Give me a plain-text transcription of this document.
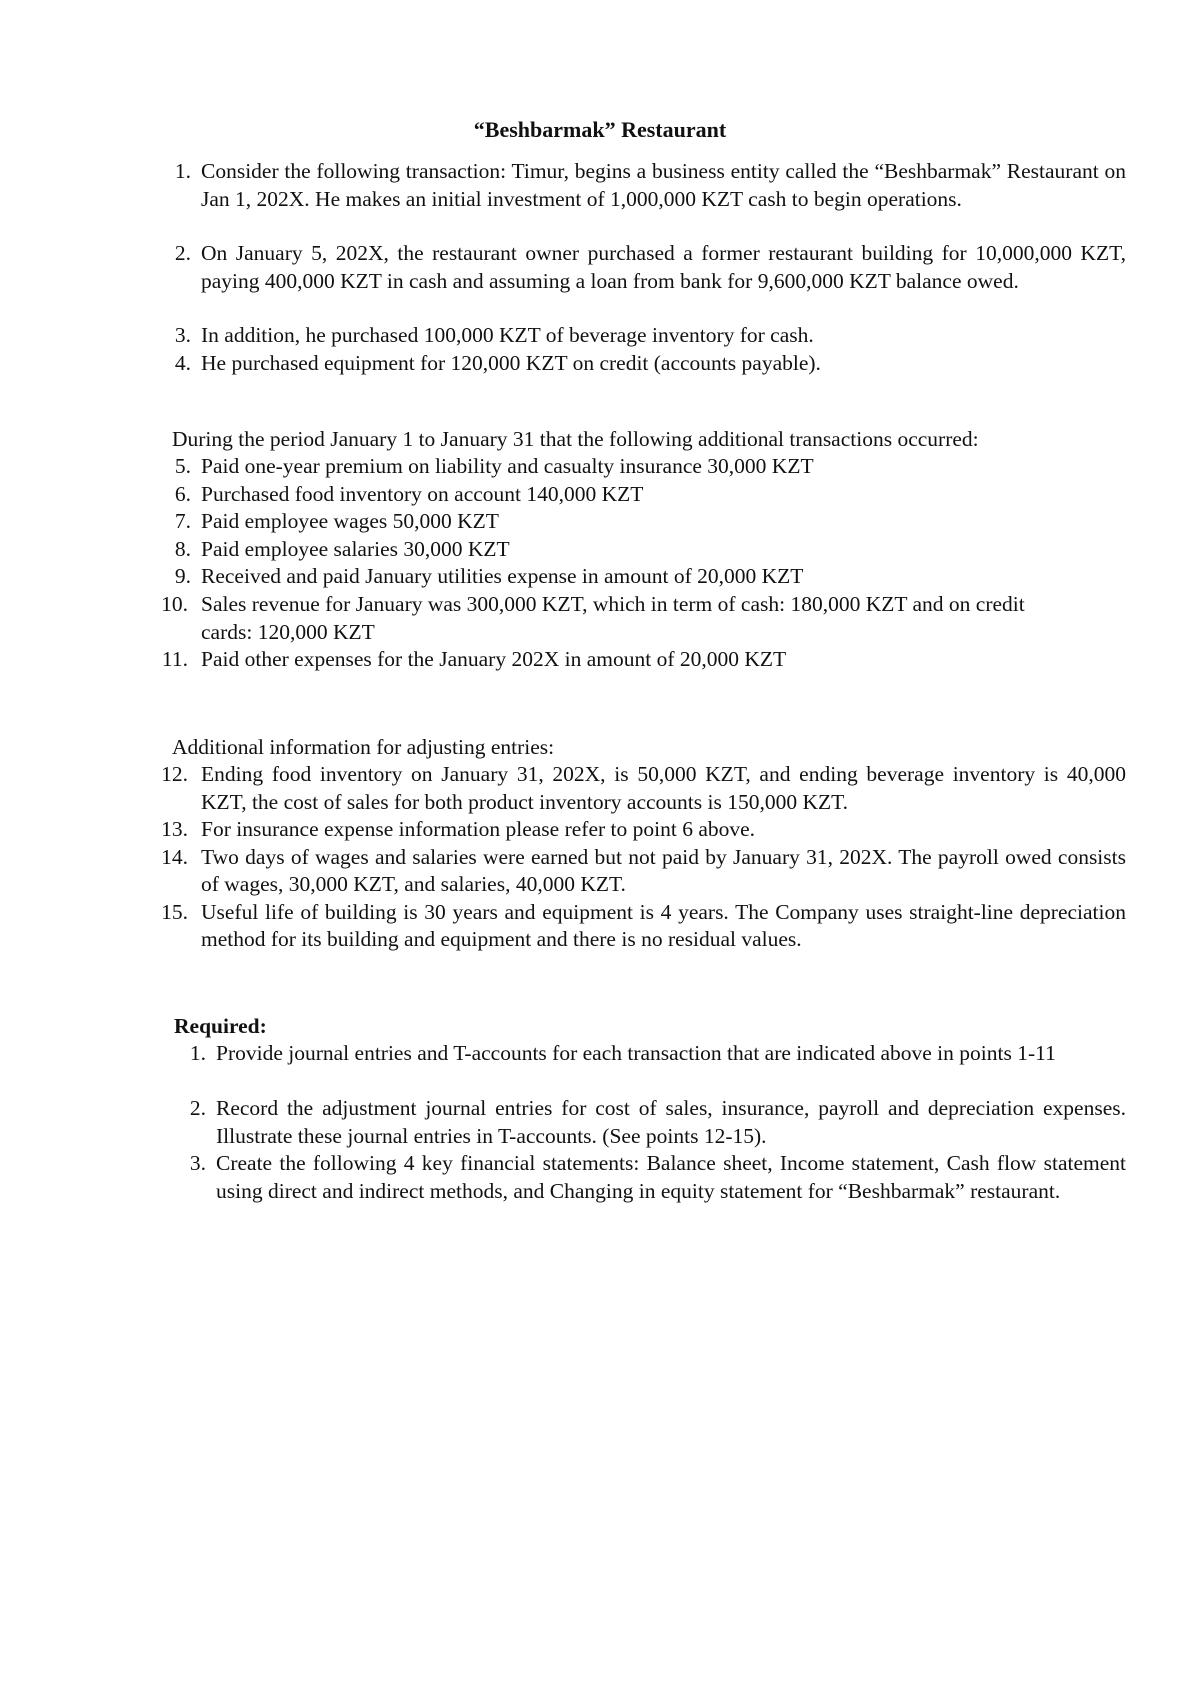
“Beshbarmak” Restaurant
1. Consider the following transaction: Timur, begins a business entity called the “Beshbarmak” Restaurant on Jan 1, 202X. He makes an initial investment of 1,000,000 KZT cash to begin operations.
2. On January 5, 202X, the restaurant owner purchased a former restaurant building for 10,000,000 KZT, paying 400,000 KZT in cash and assuming a loan from bank for 9,600,000 KZT balance owed.
3. In addition, he purchased 100,000 KZT of beverage inventory for cash.
4. He purchased equipment for 120,000 KZT on credit (accounts payable).
During the period January 1 to January 31 that the following additional transactions occurred:
5. Paid one-year premium on liability and casualty insurance 30,000 KZT
6. Purchased food inventory on account 140,000 KZT
7. Paid employee wages 50,000 KZT
8. Paid employee salaries 30,000 KZT
9. Received and paid January utilities expense in amount of 20,000 KZT
10. Sales revenue for January was 300,000 KZT, which in term of cash: 180,000 KZT and on credit cards: 120,000 KZT
11. Paid other expenses for the January 202X in amount of 20,000 KZT
Additional information for adjusting entries:
12. Ending food inventory on January 31, 202X, is 50,000 KZT, and ending beverage inventory is 40,000 KZT, the cost of sales for both product inventory accounts is 150,000 KZT.
13. For insurance expense information please refer to point 6 above.
14. Two days of wages and salaries were earned but not paid by January 31, 202X. The payroll owed consists of wages, 30,000 KZT, and salaries, 40,000 KZT.
15. Useful life of building is 30 years and equipment is 4 years. The Company uses straight-line depreciation method for its building and equipment and there is no residual values.
Required:
1. Provide journal entries and T-accounts for each transaction that are indicated above in points 1-11
2. Record the adjustment journal entries for cost of sales, insurance, payroll and depreciation expenses. Illustrate these journal entries in T-accounts. (See points 12-15).
3. Create the following 4 key financial statements: Balance sheet, Income statement, Cash flow statement using direct and indirect methods, and Changing in equity statement for “Beshbarmak” restaurant.
